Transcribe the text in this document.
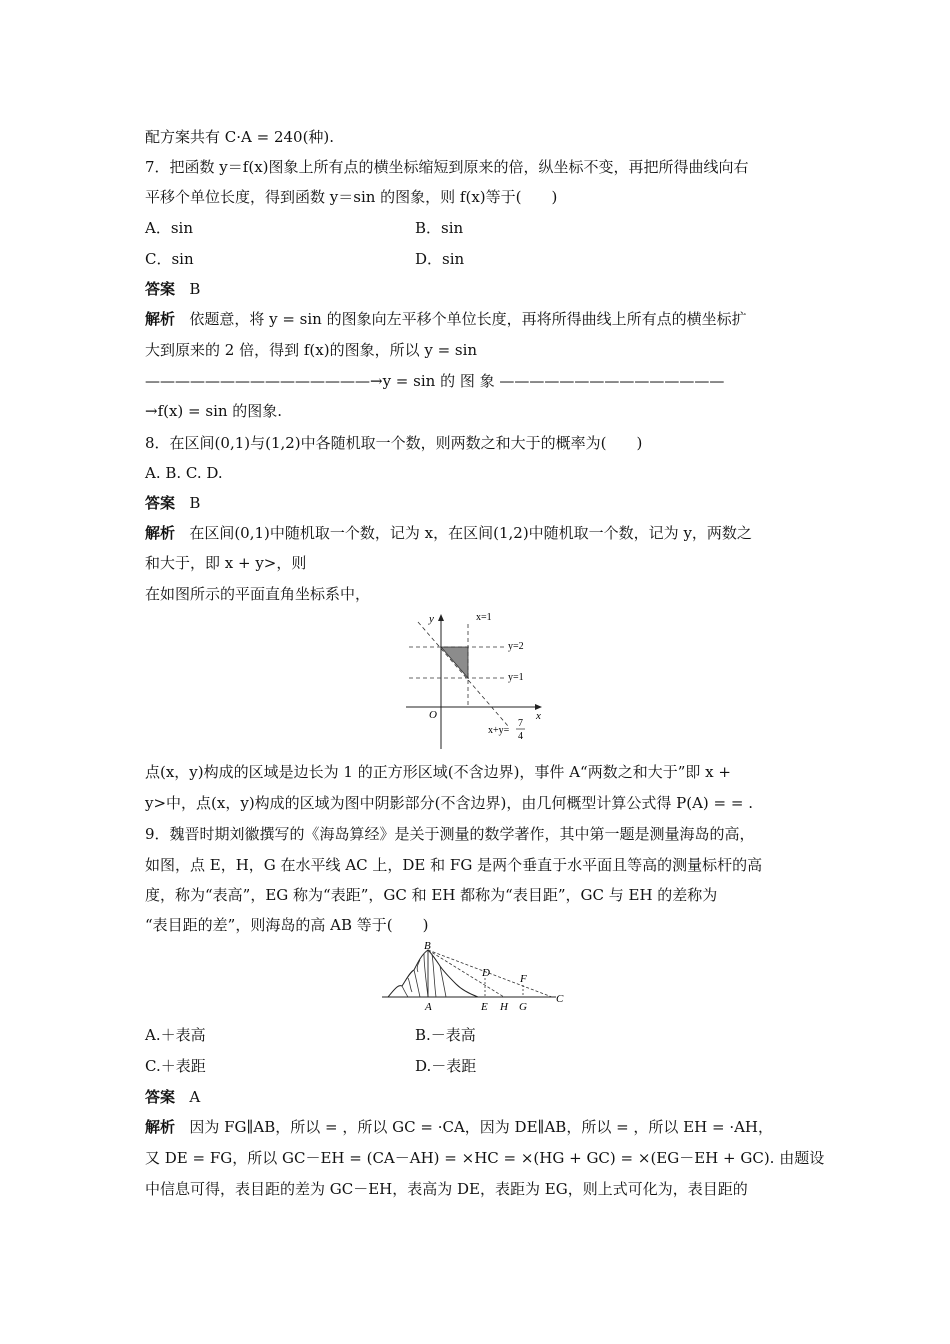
配方案共有 C·A = 240(种).
7．把函数 y＝f(x)图象上所有点的横坐标缩短到原来的倍，纵坐标不变，再把所得曲线向右
平移个单位长度，得到函数 y＝sin 的图象，则 f(x)等于(　　)
A．sin	B．sin
C．sin	D．sin
答案 B
解析 依题意，将 y = sin 的图象向左平移个单位长度，再将所得曲线上所有点的横坐标扩
大到原来的 2 倍，得到 f(x)的图象，所以 y = sin
———————————————→y = sin 的 图 象 ———————————————
→f(x) = sin 的图象.
8．在区间(0,1)与(1,2)中各随机取一个数，则两数之和大于的概率为(　　)
A. B. C. D.
答案 B
解析 在区间(0,1)中随机取一个数，记为 x，在区间(1,2)中随机取一个数，记为 y，两数之
和大于，即 x + y>，则
在如图所示的平面直角坐标系中，
y
x
O
x=1
y=2
y=1
x+y=
7
4
点(x，y)构成的区域是边长为 1 的正方形区域(不含边界)，事件 A“两数之和大于”即 x +
y>中，点(x，y)构成的区域为图中阴影部分(不含边界)，由几何概型计算公式得 P(A) = = .
9．魏晋时期刘徽撰写的《海岛算经》是关于测量的数学著作，其中第一题是测量海岛的高，
如图，点 E，H，G 在水平线 AC 上，DE 和 FG 是两个垂直于水平面且等高的测量标杆的高
度，称为“表高”，EG 称为“表距”，GC 和 EH 都称为“表目距”，GC 与 EH 的差称为
“表目距的差”，则海岛的高 AB 等于(　　)
B
D	F
A	E H G
C
A.＋表高	B.－表高
C.＋表距	D.－表距
答案 A
解析 因为 FG∥AB，所以 = ，所以 GC = ·CA，因为 DE∥AB，所以 = ，所以 EH = ·AH，
又 DE = FG，所以 GC－EH = (CA－AH) = ×HC = ×(HG + GC) = ×(EG－EH + GC). 由题设
中信息可得，表目距的差为 GC－EH，表高为 DE，表距为 EG，则上式可化为，表目距的
